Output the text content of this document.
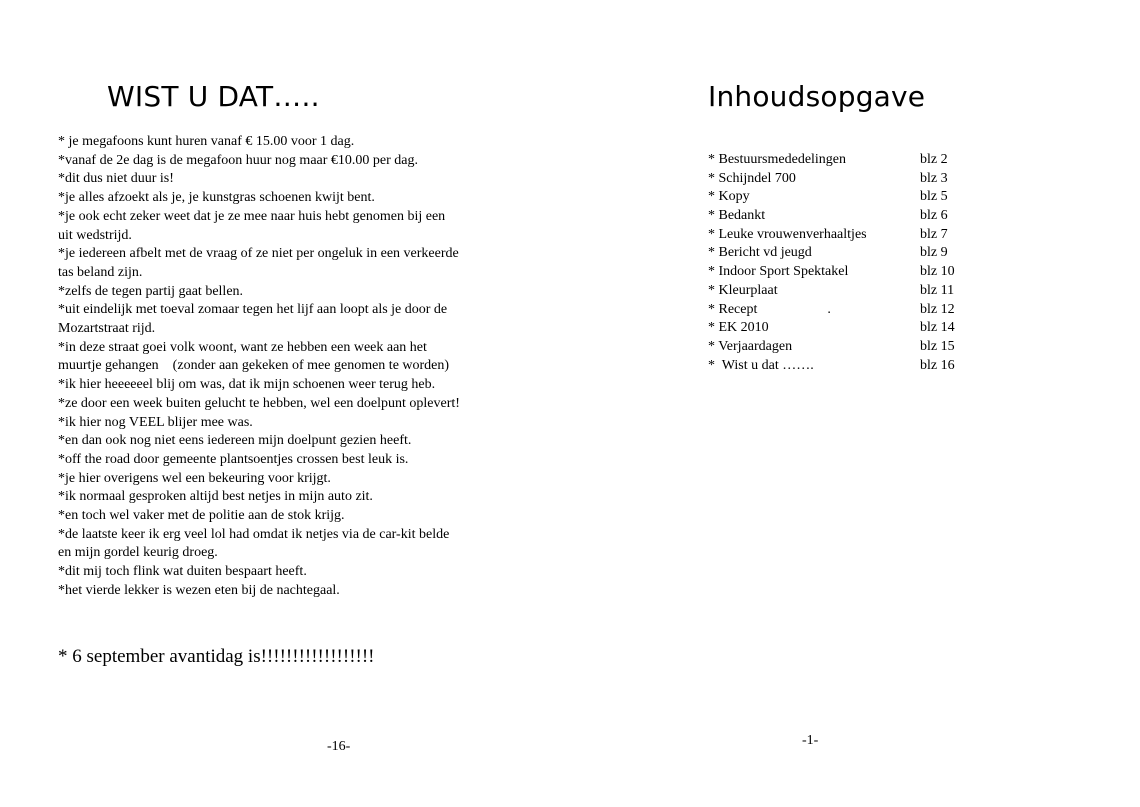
WIST U DAT…..
* je megafoons kunt huren vanaf € 15.00 voor 1 dag.
*vanaf de 2e dag is de megafoon huur nog maar €10.00 per dag.
*dit dus niet duur is!
*je alles afzoekt als je, je kunstgras schoenen kwijt bent.
*je ook echt zeker weet dat je ze mee naar huis hebt genomen bij een
uit wedstrijd.
*je iedereen afbelt met de vraag of ze niet per ongeluk in een verkeerde
tas beland zijn.
*zelfs de tegen partij gaat bellen.
*uit eindelijk met toeval zomaar tegen het lijf aan loopt als je door de
Mozartstraat rijd.
*in deze straat goei volk woont, want ze hebben een week aan het
muurtje gehangen    (zonder aan gekeken of mee genomen te worden)
*ik hier heeeeeel blij om was, dat ik mijn schoenen weer terug heb.
*ze door een week buiten gelucht te hebben, wel een doelpunt oplevert!
*ik hier nog VEEL blijer mee was.
*en dan ook nog niet eens iedereen mijn doelpunt gezien heeft.
*off the road door gemeente plantsoentjes crossen best leuk is.
*je hier overigens wel een bekeuring voor krijgt.
*ik normaal gesproken altijd best netjes in mijn auto zit.
*en toch wel vaker met de politie aan de stok krijg.
*de laatste keer ik erg veel lol had omdat ik netjes via de car-kit belde
en mijn gordel keurig droeg.
*dit mij toch flink wat duiten bespaart heeft.
*het vierde lekker is wezen eten bij de nachtegaal.

* 6 september avantidag is!!!!!!!!!!!!!!!!!!

-16-

Inhoudsopgave
* Bestuursmededelingen	blz 2
* Schijndel 700	blz 3
* Kopy	blz 5
* Bedankt	blz 6
* Leuke vrouwenverhaaltjes	blz 7
* Bericht vd jeugd	blz 9
* Indoor Sport Spektakel	blz 10
* Kleurplaat	blz 11
* Recept                    .	blz 12
* EK 2010	blz 14
* Verjaardagen	blz 15
*  Wist u dat …….	blz 16

-1-
